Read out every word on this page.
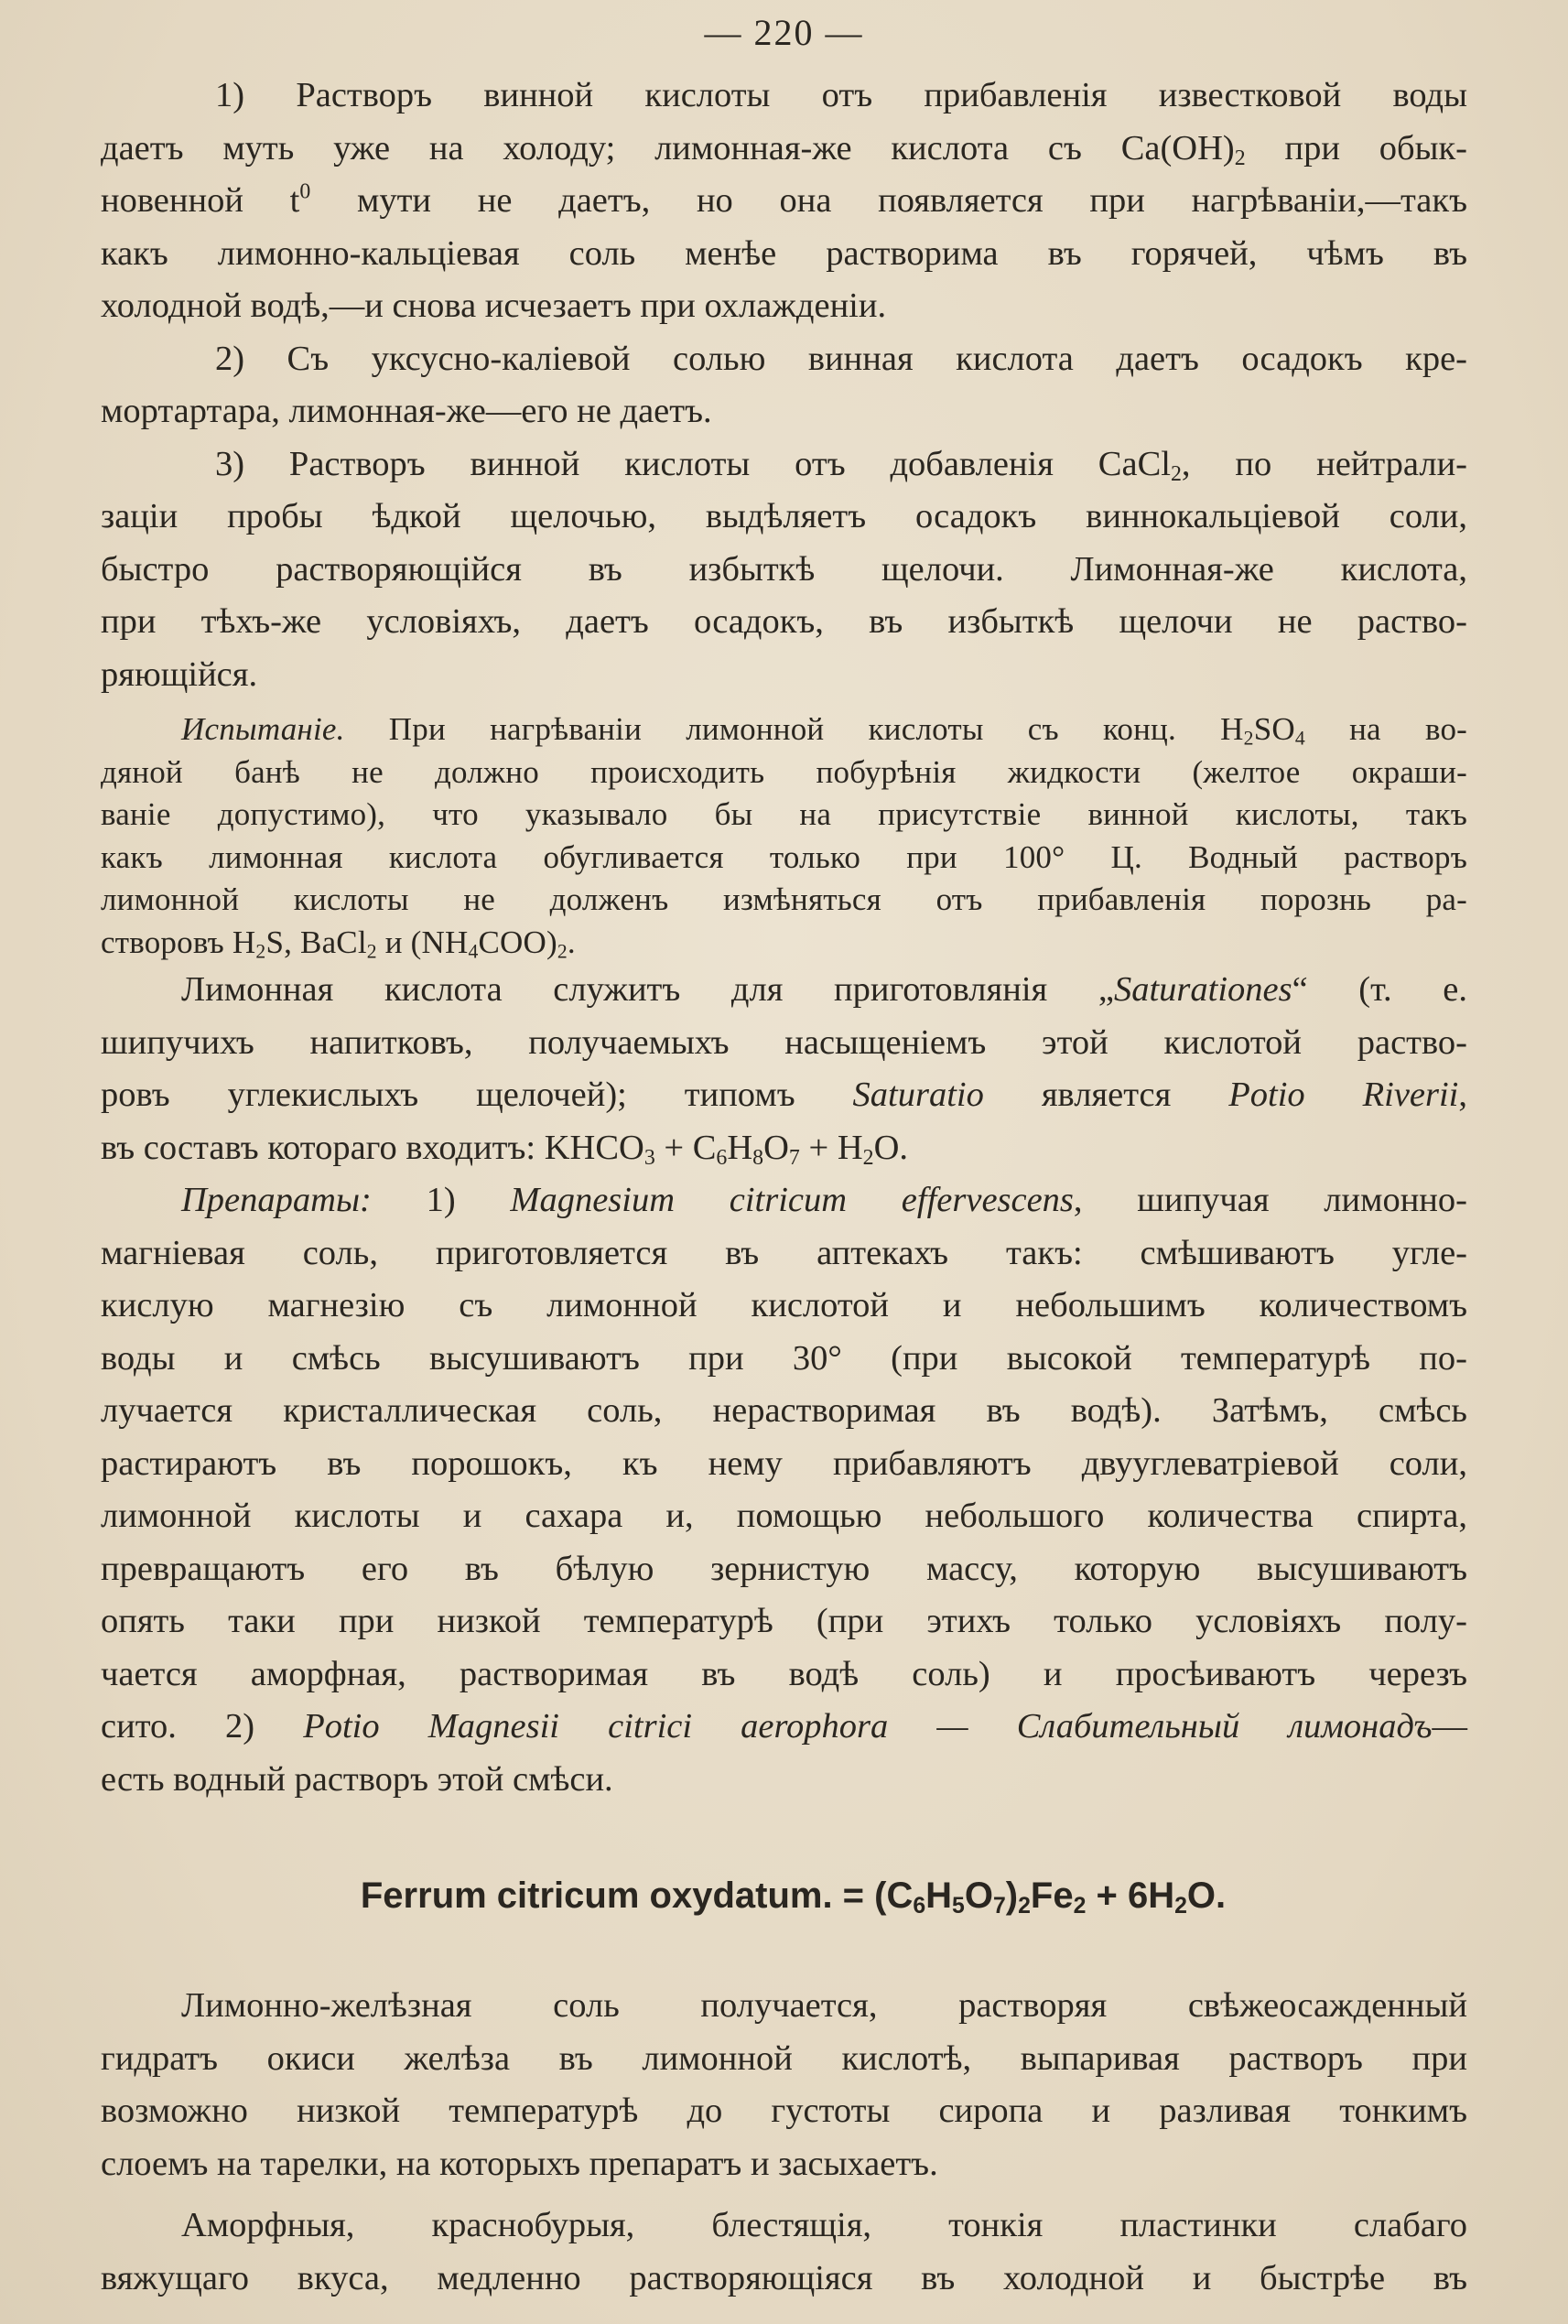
— 220 —
1) Растворъ винной кислоты отъ прибавленія известковой воды
даетъ муть уже на холоду; лимонная-же кислота съ $Ca(OH)_2$ при обык-
новенной $t^0$ мути не даетъ, но она появляется при нагрѣваніи,—такъ
какъ лимонно-кальціевая соль менѣе растворима въ горячей, чѣмъ въ
холодной водѣ,—и снова исчезаетъ при охлажденіи.
2) Съ уксусно-каліевой солью винная кислота даетъ осадокъ кре-
мортартара, лимонная-же—его не даетъ.
3) Растворъ винной кислоты отъ добавленія CaCl$_2$, по нейтрали-
заціи пробы ѣдкой щелочью, выдѣляетъ осадокъ виннокальціевой соли,
быстро растворяющійся въ избыткѣ щелочи. Лимонная-же кислота,
при тѣхъ-же условіяхъ, даетъ осадокъ, въ избыткѣ щелочи не раство-
ряющійся.
Испытаніе. При нагрѣваніи лимонной кислоты съ конц. $H_2SO_4$ на во-
дяной банѣ не должно происходить побурѣнія жидкости (желтое окраши-
ваніе допустимо), что указывало бы на присутствіе винной кислоты, такъ
какъ лимонная кислота обугливается только при 100° Ц. Водный растворъ
лимонной кислоты не долженъ измѣняться отъ прибавленія порознь ра-
створовъ $H_2S$, BaCl$_2$ и $(NH_4COO)_2$.
Лимонная кислота служитъ для приготовлянія „Saturationes“ (т. е.
шипучихъ напитковъ, получаемыхъ насыщеніемъ этой кислотой раство-
ровъ углекислыхъ щелочей); типомъ Saturatio является Potio Riverii,
въ составъ котораго входитъ: $KHCO_3 + C_6H_8O_7 + H_2O$.
Препараты: 1) Magnesium citricum effervescens, шипучая лимонно-
магніевая соль, приготовляется въ аптекахъ такъ: смѣшиваютъ угле-
кислую магнезію съ лимонной кислотой и небольшимъ количествомъ
воды и смѣсь высушиваютъ при 30° (при высокой температурѣ по-
лучается кристаллическая соль, нерастворимая въ водѣ). Затѣмъ, смѣсь
растираютъ въ порошокъ, къ нему прибавляютъ двууглеватріевой соли,
лимонной кислоты и сахара и, помощью небольшого количества спирта,
превращаютъ его въ бѣлую зернистую массу, которую высушиваютъ
опять таки при низкой температурѣ (при этихъ только условіяхъ полу-
чается аморфная, растворимая въ водѣ соль) и просѣиваютъ черезъ
сито. 2) Potio Magnesii citrici aerophora — Слабительный лимонадъ—
есть водный растворъ этой смѣси.
Ferrum citricum oxydatum. = $(C_6H_5O_7)_2Fe_2 + 6H_2O$.
Лимонно-желѣзная соль получается, растворяя свѣжеосажденный
гидратъ окиси желѣза въ лимонной кислотѣ, выпаривая растворъ при
возможно низкой температурѣ до густоты сиропа и разливая тонкимъ
слоемъ на тарелки, на которыхъ препаратъ и засыхаетъ.
Аморфныя, краснобурыя, блестящія, тонкія пластинки слабаго
вяжущаго вкуса, медленно растворяющіяся въ холодной и быстрѣе въ
